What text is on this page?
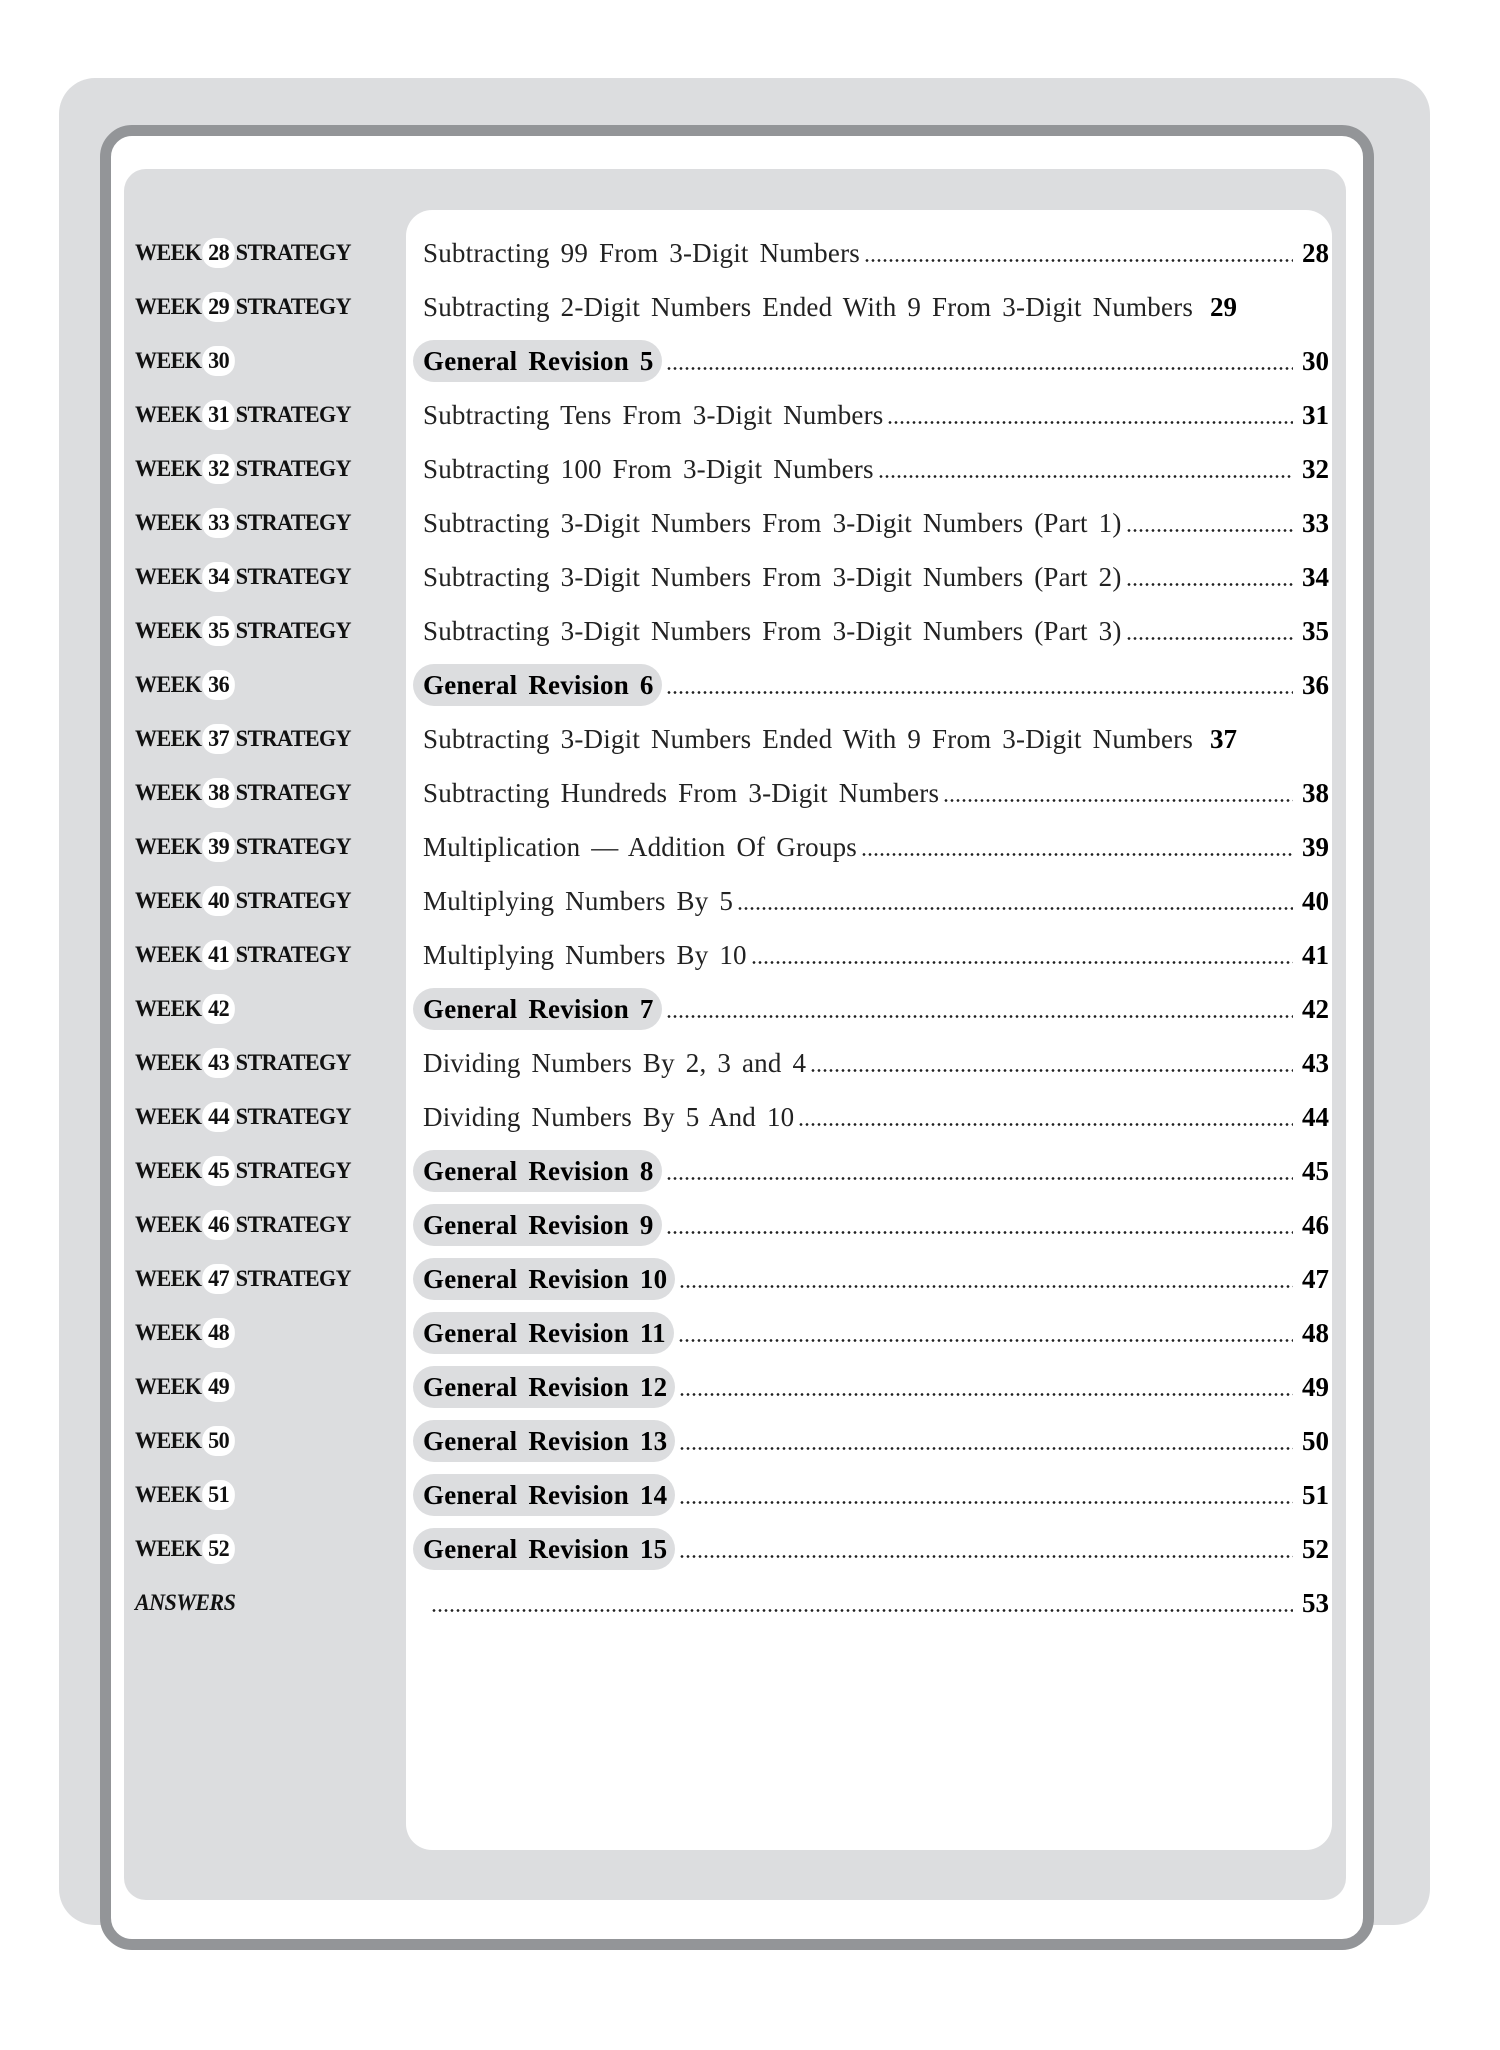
WEEK 28 STRATEGY	Subtracting 99 From 3-Digit Numbers	28
WEEK 29 STRATEGY	Subtracting 2-Digit Numbers Ended With 9 From 3-Digit Numbers 29
WEEK 30	General Revision 5	30
WEEK 31 STRATEGY	Subtracting Tens From 3-Digit Numbers	31
WEEK 32 STRATEGY	Subtracting 100 From 3-Digit Numbers	32
WEEK 33 STRATEGY	Subtracting 3-Digit Numbers From 3-Digit Numbers (Part 1)	33
WEEK 34 STRATEGY	Subtracting 3-Digit Numbers From 3-Digit Numbers (Part 2)	34
WEEK 35 STRATEGY	Subtracting 3-Digit Numbers From 3-Digit Numbers (Part 3)	35
WEEK 36	General Revision 6	36
WEEK 37 STRATEGY	Subtracting 3-Digit Numbers Ended With 9 From 3-Digit Numbers 37
WEEK 38 STRATEGY	Subtracting Hundreds From 3-Digit Numbers	38
WEEK 39 STRATEGY	Multiplication — Addition Of Groups	39
WEEK 40 STRATEGY	Multiplying Numbers By 5	40
WEEK 41 STRATEGY	Multiplying Numbers By 10	41
WEEK 42	General Revision 7	42
WEEK 43 STRATEGY	Dividing Numbers By 2, 3 and 4	43
WEEK 44 STRATEGY	Dividing Numbers By 5 And 10	44
WEEK 45 STRATEGY	General Revision 8	45
WEEK 46 STRATEGY	General Revision 9	46
WEEK 47 STRATEGY	General Revision 10	47
WEEK 48	General Revision 11	48
WEEK 49	General Revision 12	49
WEEK 50	General Revision 13	50
WEEK 51	General Revision 14	51
WEEK 52	General Revision 15	52
ANSWERS	53
